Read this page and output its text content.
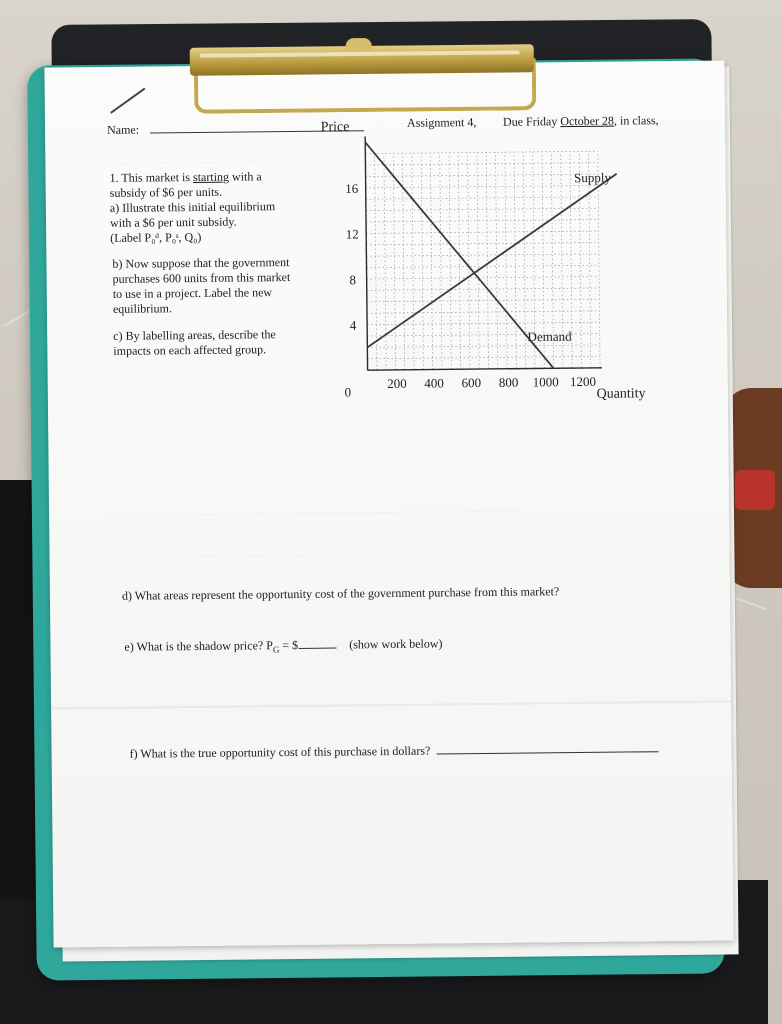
Name:	Assignment 4, Due Friday October 28, in class,
…………………………………………
……………………………………………………………………………
……………………………………………
1. This market is starting with a
subsidy of $6 per units.
a) Illustrate this initial equilibrium
with a $6 per unit subsidy.
(Label P₀ᵈ, P₀ˢ, Q₀)
b) Now suppose that the government
purchases 600 units from this market
to use in a project. Label the new
equilibrium.
c) By labelling areas, describe the
impacts on each affected group.
200 400 600 800 1000 1200
4
8
12
16
0
Price
Quantity
Supply
Demand
d) What areas represent the opportunity cost of the government purchase from this market?
e) What is the shadow price? $P_G$ = $	(show work below)
f) What is the true opportunity cost of this purchase in dollars?
